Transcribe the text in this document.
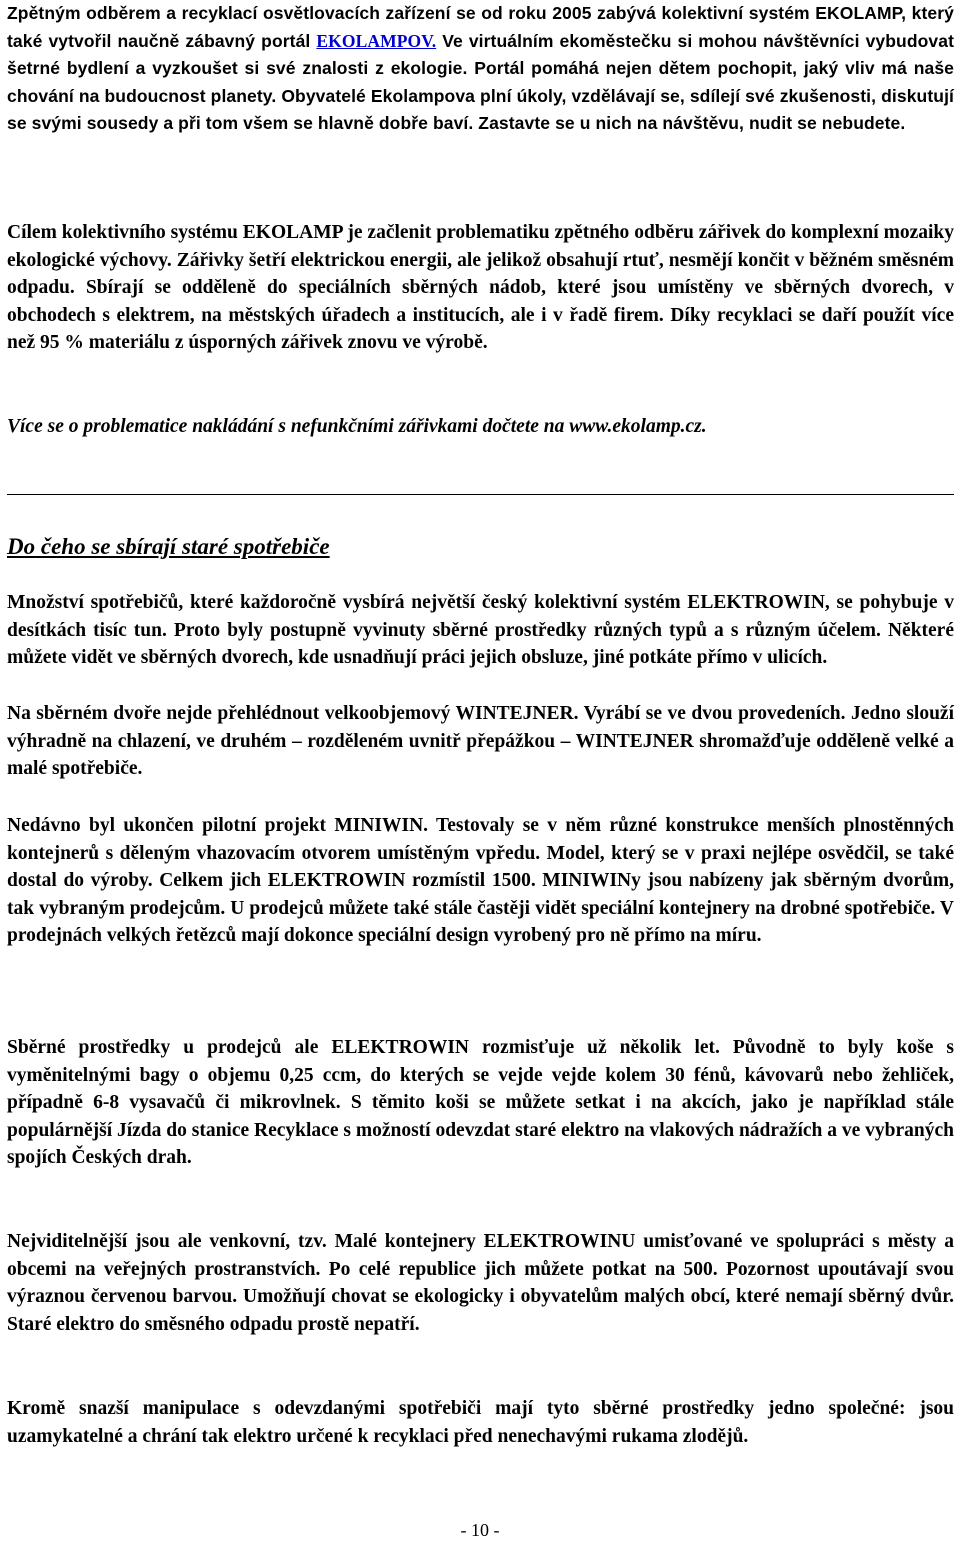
Zpětným odběrem a recyklací osvětlovacích zařízení se od roku 2005 zabývá kolektivní systém EKOLAMP, který také vytvořil naučně zábavný portál EKOLAMPOV. Ve virtuálním ekoměstečku si mohou návštěvníci vybudovat šetrné bydlení a vyzkoušet si své znalosti z ekologie. Portál pomáhá nejen dětem pochopit, jaký vliv má naše chování na budoucnost planety. Obyvatelé Ekolampova plní úkoly, vzdělávají se, sdílejí své zkušenosti, diskutují se svými sousedy a při tom všem se hlavně dobře baví. Zastavte se u nich na návštěvu, nudit se nebudete.

Cílem kolektivního systému EKOLAMP je začlenit problematiku zpětného odběru zářivek do komplexní mozaiky ekologické výchovy. Zářivky šetří elektrickou energii, ale jelikož obsahují rtuť, nesmějí končit v běžném směsném odpadu. Sbírají se odděleně do speciálních sběrných nádob, které jsou umístěny ve sběrných dvorech, v obchodech s elektrem, na městských úřadech a institucích, ale i v řadě firem. Díky recyklaci se daří použít více než 95 % materiálu z úsporných zářivek znovu ve výrobě.

Více se o problematice nakládání s nefunkčními zářivkami dočtete na www.ekolamp.cz.

Do čeho se sbírají staré spotřebiče

Množství spotřebičů, které každoročně vysbírá největší český kolektivní systém ELEKTROWIN, se pohybuje v desítkách tisíc tun. Proto byly postupně vyvinuty sběrné prostředky různých typů a s různým účelem. Některé můžete vidět ve sběrných dvorech, kde usnadňují práci jejich obsluze, jiné potkáte přímo v ulicích.

Na sběrném dvoře nejde přehlédnout velkoobjemový WINTEJNER. Vyrábí se ve dvou provedeních. Jedno slouží výhradně na chlazení, ve druhém – rozděleném uvnitř přepážkou – WINTEJNER shromažďuje odděleně velké a malé spotřebiče.

Nedávno byl ukončen pilotní projekt MINIWIN. Testovaly se v něm různé konstrukce menších plnostěnných kontejnerů s děleným vhazovacím otvorem umístěným vpředu. Model, který se v praxi nejlépe osvědčil, se také dostal do výroby. Celkem jich ELEKTROWIN rozmístil 1500. MINIWINy jsou nabízeny jak sběrným dvorům, tak vybraným prodejcům. U prodejců můžete také stále častěji vidět speciální kontejnery na drobné spotřebiče. V prodejnách velkých řetězců mají dokonce speciální design vyrobený pro ně přímo na míru.

Sběrné prostředky u prodejců ale ELEKTROWIN rozmisťuje už několik let. Původně to byly koše s vyměnitelnými bagy o objemu 0,25 ccm, do kterých se vejde vejde kolem 30 fénů, kávovarů nebo žehliček, případně 6-8 vysavačů či mikrovlnek. S těmito koši se můžete setkat i na akcích, jako je například stále populárnější Jízda do stanice Recyklace s možností odevzdat staré elektro na vlakových nádražích a ve vybraných spojích Českých drah.

Nejviditelnější jsou ale venkovní, tzv. Malé kontejnery ELEKTROWINU umisťované ve spolupráci s městy a obcemi na veřejných prostranstvích. Po celé republice jich můžete potkat na 500. Pozornost upoutávají svou výraznou červenou barvou. Umožňují chovat se ekologicky i obyvatelům malých obcí, které nemají sběrný dvůr. Staré elektro do směsného odpadu prostě nepatří.

Kromě snazší manipulace s odevzdanými spotřebiči mají tyto sběrné prostředky jedno společné: jsou uzamykatelné a chrání tak elektro určené k recyklaci před nenechavými rukama zlodějů.

- 10 -
